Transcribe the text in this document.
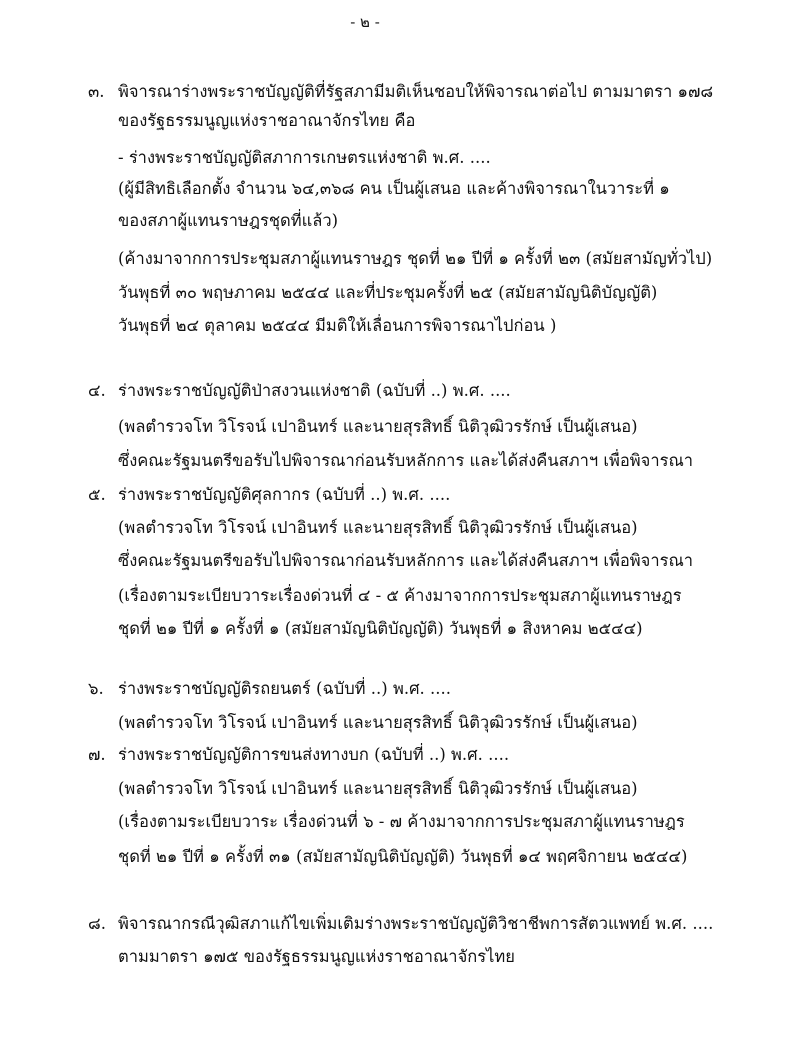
- ๒ -
๓. พิจารณาร่างพระราชบัญญัติที่รัฐสภามีมติเห็นชอบให้พิจารณาต่อไป ตามมาตรา ๑๗๘
ของรัฐธรรมนูญแห่งราชอาณาจักรไทย คือ
- ร่างพระราชบัญญัติสภาการเกษตรแห่งชาติ พ.ศ. ....
(ผู้มีสิทธิเลือกตั้ง จำนวน ๖๔,๓๖๘ คน เป็นผู้เสนอ และค้างพิจารณาในวาระที่ ๑
ของสภาผู้แทนราษฎรชุดที่แล้ว)
(ค้างมาจากการประชุมสภาผู้แทนราษฎร ชุดที่ ๒๑ ปีที่ ๑ ครั้งที่ ๒๓ (สมัยสามัญทั่วไป)
วันพุธที่ ๓๐ พฤษภาคม ๒๕๔๔ และที่ประชุมครั้งที่ ๒๕ (สมัยสามัญนิติบัญญัติ)
วันพุธที่ ๒๔ ตุลาคม ๒๕๔๔ มีมติให้เลื่อนการพิจารณาไปก่อน )
๔. ร่างพระราชบัญญัติป่าสงวนแห่งชาติ (ฉบับที่ ..) พ.ศ. ....
(พลตำรวจโท วิโรจน์ เปาอินทร์ และนายสุรสิทธิ์ นิติวุฒิวรรักษ์ เป็นผู้เสนอ)
ซึ่งคณะรัฐมนตรีขอรับไปพิจารณาก่อนรับหลักการ และได้ส่งคืนสภาฯ เพื่อพิจารณา
๕. ร่างพระราชบัญญัติศุลกากร (ฉบับที่ ..) พ.ศ. ....
(พลตำรวจโท วิโรจน์ เปาอินทร์ และนายสุรสิทธิ์ นิติวุฒิวรรักษ์ เป็นผู้เสนอ)
ซึ่งคณะรัฐมนตรีขอรับไปพิจารณาก่อนรับหลักการ และได้ส่งคืนสภาฯ เพื่อพิจารณา
(เรื่องตามระเบียบวาระเรื่องด่วนที่ ๔ - ๕ ค้างมาจากการประชุมสภาผู้แทนราษฎร
ชุดที่ ๒๑ ปีที่ ๑ ครั้งที่ ๑ (สมัยสามัญนิติบัญญัติ) วันพุธที่ ๑ สิงหาคม ๒๕๔๔)
๖. ร่างพระราชบัญญัติรถยนตร์ (ฉบับที่ ..) พ.ศ. ....
(พลตำรวจโท วิโรจน์ เปาอินทร์ และนายสุรสิทธิ์ นิติวุฒิวรรักษ์ เป็นผู้เสนอ)
๗. ร่างพระราชบัญญัติการขนส่งทางบก (ฉบับที่ ..) พ.ศ. ....
(พลตำรวจโท วิโรจน์ เปาอินทร์ และนายสุรสิทธิ์ นิติวุฒิวรรักษ์ เป็นผู้เสนอ)
(เรื่องตามระเบียบวาระ เรื่องด่วนที่ ๖ - ๗ ค้างมาจากการประชุมสภาผู้แทนราษฎร
ชุดที่ ๒๑ ปีที่ ๑ ครั้งที่ ๓๑ (สมัยสามัญนิติบัญญัติ) วันพุธที่ ๑๔ พฤศจิกายน ๒๕๔๔)
๘. พิจารณากรณีวุฒิสภาแก้ไขเพิ่มเติมร่างพระราชบัญญัติวิชาชีพการสัตวแพทย์ พ.ศ. ....
ตามมาตรา ๑๗๕ ของรัฐธรรมนูญแห่งราชอาณาจักรไทย
